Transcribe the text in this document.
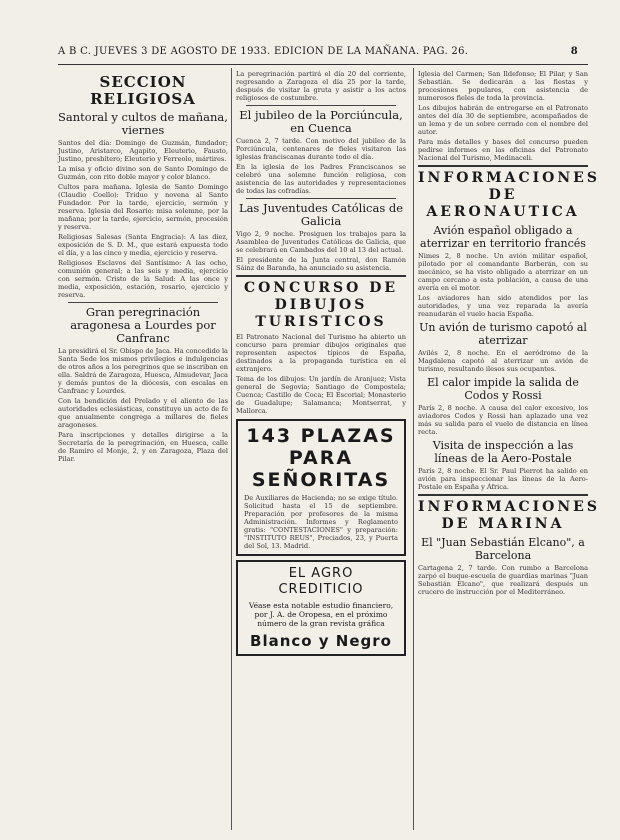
A B C. JUEVES 3 DE AGOSTO DE 1933. EDICION DE LA MAÑANA. PAG. 26.	8
SECCION RELIGIOSA
Santoral y cultos de mañana, viernes

Santos del día: Domingo de Guzmán, fundador; Justino, Aristarco, Agapito, Eleuterio, Fausto, Justino, presbítero; Eleuterio y Ferreolo, mártires.

La misa y oficio divino son de Santo Domingo de Guzmán, con rito doble mayor y color blanco.

Cultos para mañana. Iglesia de Santo Domingo (Claudio Coello): Triduo y novena al Santo Fundador. Por la tarde, ejercicio, sermón y reserva. Iglesia del Rosario: misa solemne, por la mañana; por la tarde, ejercicio, sermón, procesión y reserva.

Religiosas Salesas (Santa Engracia): A las diez, exposición de S. D. M., que estará expuesta todo el día, y a las cinco y media, ejercicio y reserva.

Religiosos Esclavos del Santísimo: A las ocho, comunión general; a las seis y media, ejercicio con sermón. Cristo de la Salud: A las once y media, exposición, estación, rosario, ejercicio y reserva.

Gran peregrinación aragonesa a Lourdes por Canfranc

La presidirá el Sr. Obispo de Jaca. Ha concedido la Santa Sede los mismos privilegios e indulgencias de otros años a los peregrinos que se inscriban en ella. Saldrá de Zaragoza, Huesca, Almudevar, Jaca y demás puntos de la diócesis, con escalas en Canfranc y Lourdes.

Con la bendición del Prelado y el aliento de las autoridades eclesiásticas, constituye un acto de fe que anualmente congrega a millares de fieles aragoneses.

Para inscripciones y detalles dirigirse a la Secretaría de la peregrinación, en Huesca, calle de Ramiro el Monje, 2, y en Zaragoza, Plaza del Pilar.

La peregrinación partirá el día 20 del corriente, regresando a Zaragoza el día 25 por la tarde, después de visitar la gruta y asistir a los actos religiosos de costumbre.

El jubileo de la Porciúncula, en Cuenca

Cuenca 2, 7 tarde. Con motivo del jubileo de la Porciúncula, centenares de fieles visitaron las iglesias franciscanas durante todo el día.

En la iglesia de los Padres Franciscanos se celebró una solemne función religiosa, con asistencia de las autoridades y representaciones de todas las cofradías.

Las Juventudes Católicas de Galicia

Vigo 2, 9 noche. Prosiguen los trabajos para la Asamblea de Juventudes Católicas de Galicia, que se celebrará en Cambados del 10 al 13 del actual.

El presidente de la Junta central, don Ramón Sáinz de Baranda, ha anunciado su asistencia.

CONCURSO DE DIBUJOS TURISTICOS

El Patronato Nacional del Turismo ha abierto un concurso para premiar dibujos originales que representen aspectos típicos de España, destinados a la propaganda turística en el extranjero.

Tema de los dibujos: Un jardín de Aranjuez; Vista general de Segovia; Santiago de Compostela; Cuenca; Castillo de Coca; El Escorial; Monasterio de Guadalupe; Salamanca; Montserrat, y Mallorca.

143 PLAZAS PARA SEÑORITAS
De Auxiliares de Hacienda; no se exige título. Solicitud hasta el 15 de septiembre. Preparación por profesores de la misma Administración. Informes y Reglamento gratis: "CONTESTACIONES" y preparación: "INSTITUTO REUS", Preciados, 23, y Puerta del Sol, 13. Madrid.
EL AGRO CREDITICIO
Véase esta notable estudio financiero, por J. A. de Oropesa, en el próximo número de la gran revista gráfica
Blanco y Negro

Iglesia del Carmen; San Ildefonso; El Pilar, y San Sebastián. Se dedicarán a las fiestas y procesiones populares, con asistencia de numerosos fieles de toda la provincia.

Los dibujos habrán de entregarse en el Patronato antes del día 30 de septiembre, acompañados de un lema y de un sobre cerrado con el nombre del autor.

Para más detalles y bases del concurso pueden pedirse informes en las oficinas del Patronato Nacional del Turismo, Medinaceli.

INFORMACIONES DE AERONAUTICA
Avión español obligado a aterrizar en territorio francés

Nimes 2, 8 noche. Un avión militar español, pilotado por el comandante Barberán, con su mecánico, se ha visto obligado a aterrizar en un campo cercano a esta población, a causa de una avería en el motor.

Los aviadores han sido atendidos por las autoridades, y una vez reparada la avería reanudarán el vuelo hacia España.

Un avión de turismo capotó al aterrizar

Avilés 2, 8 noche. En el aeródromo de la Magdalena capotó al aterrizar un avión de turismo, resultando ilesos sus ocupantes.

El calor impide la salida de Codos y Rossi

París 2, 8 noche. A causa del calor excesivo, los aviadores Codos y Rossi han aplazado una vez más su salida para el vuelo de distancia en línea recta.

Visita de inspección a las líneas de la Aero-Postale

París 2, 8 noche. El Sr. Paul Pierrot ha salido en avión para inspeccionar las líneas de la Aero-Postale en España y África.

INFORMACIONES DE MARINA
El "Juan Sebastián Elcano", a Barcelona

Cartagena 2, 7 tarde. Con rumbo a Barcelona zarpó el buque-escuela de guardias marinas "Juan Sebastián Elcano", que realizará después un crucero de instrucción por el Mediterráneo.
